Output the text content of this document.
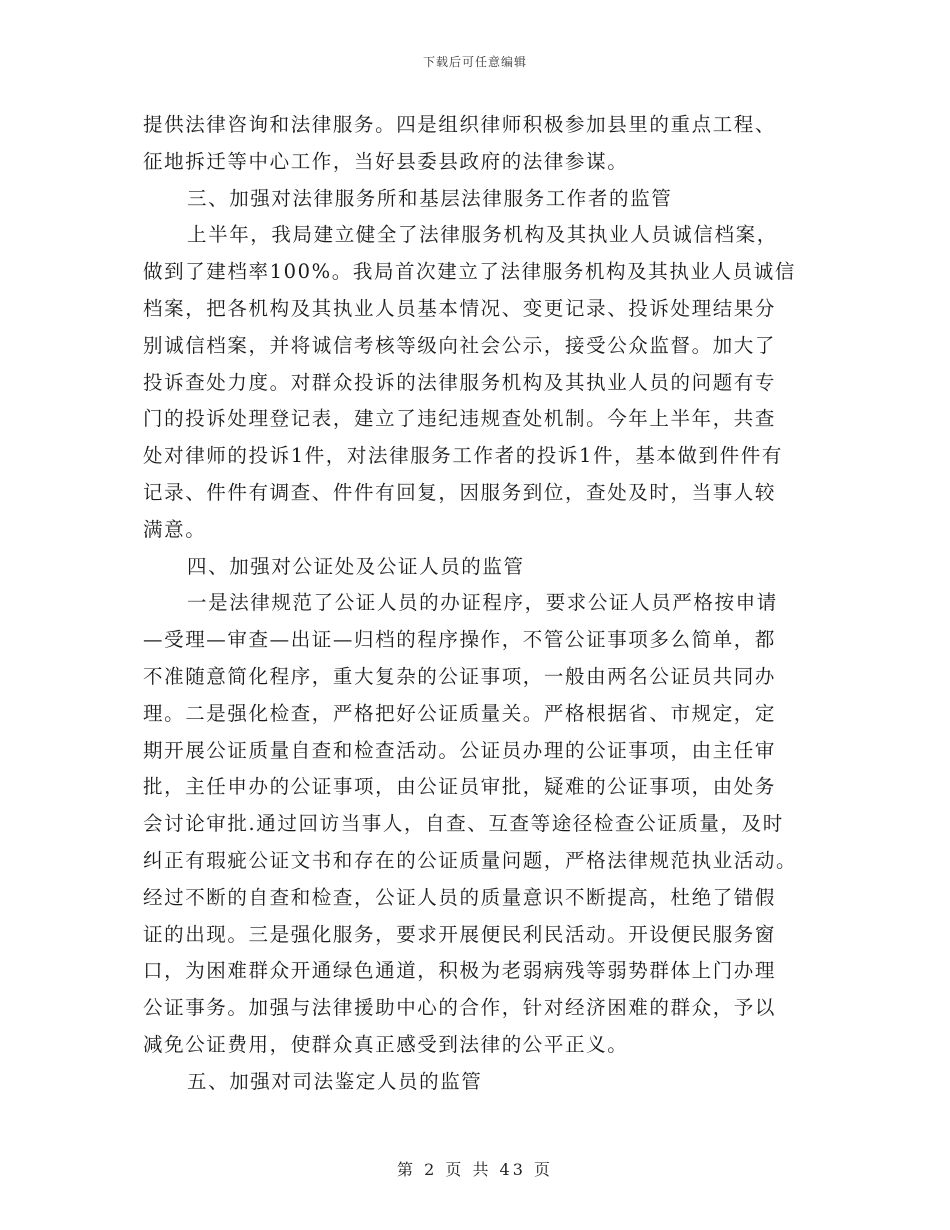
下载后可任意编辑
提供法律咨询和法律服务。四是组织律师积极参加县里的重点工程、
征地拆迁等中心工作，当好县委县政府的法律参谋。
三、加强对法律服务所和基层法律服务工作者的监管
上半年，我局建立健全了法律服务机构及其执业人员诚信档案，
做到了建档率100%。我局首次建立了法律服务机构及其执业人员诚信
档案，把各机构及其执业人员基本情况、变更记录、投诉处理结果分
别诚信档案，并将诚信考核等级向社会公示，接受公众监督。加大了
投诉查处力度。对群众投诉的法律服务机构及其执业人员的问题有专
门的投诉处理登记表，建立了违纪违规查处机制。今年上半年，共查
处对律师的投诉1件，对法律服务工作者的投诉1件，基本做到件件有
记录、件件有调查、件件有回复，因服务到位，查处及时，当事人较
满意。
四、加强对公证处及公证人员的监管
一是法律规范了公证人员的办证程序，要求公证人员严格按申请
—受理—审查—出证—归档的程序操作，不管公证事项多么简单，都
不准随意简化程序，重大复杂的公证事项，一般由两名公证员共同办
理。二是强化检查，严格把好公证质量关。严格根据省、市规定，定
期开展公证质量自查和检查活动。公证员办理的公证事项，由主任审
批，主任申办的公证事项，由公证员审批，疑难的公证事项，由处务
会讨论审批.通过回访当事人，自查、互查等途径检查公证质量，及时
纠正有瑕疵公证文书和存在的公证质量问题，严格法律规范执业活动。
经过不断的自查和检查，公证人员的质量意识不断提高，杜绝了错假
证的出现。三是强化服务，要求开展便民利民活动。开设便民服务窗
口，为困难群众开通绿色通道，积极为老弱病残等弱势群体上门办理
公证事务。加强与法律援助中心的合作，针对经济困难的群众，予以
减免公证费用，使群众真正感受到法律的公平正义。
五、加强对司法鉴定人员的监管
第 2 页 共 43 页
